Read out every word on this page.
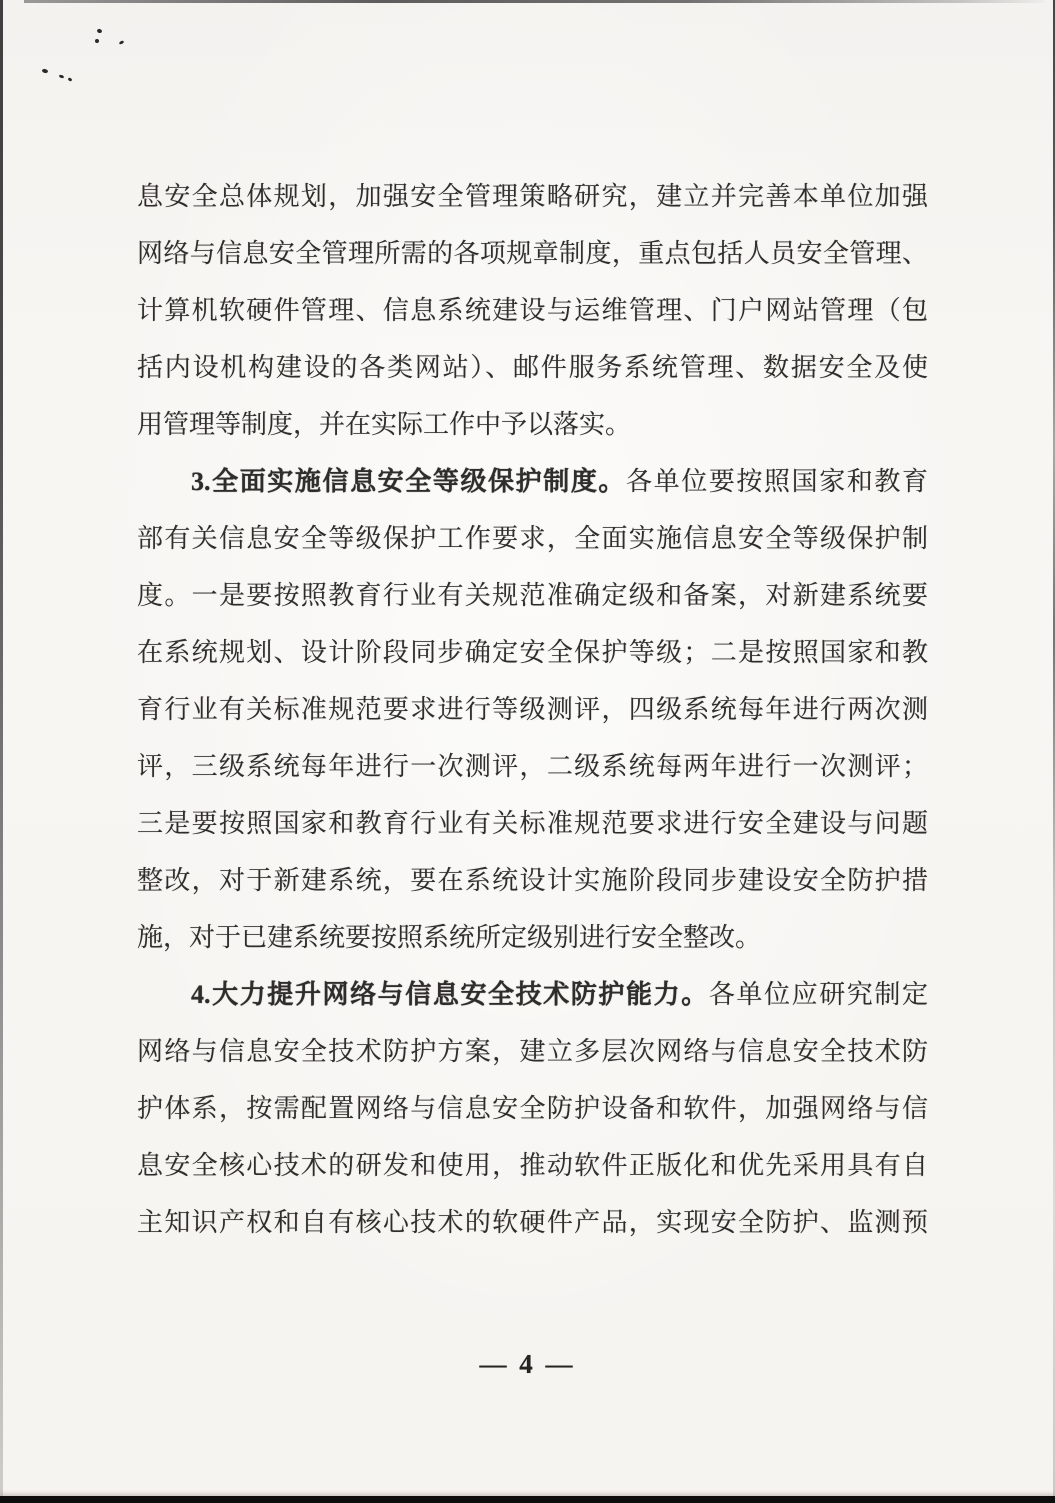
息安全总体规划，加强安全管理策略研究，建立并完善本单位加强
网络与信息安全管理所需的各项规章制度，重点包括人员安全管理、
计算机软硬件管理、信息系统建设与运维管理、门户网站管理（包
括内设机构建设的各类网站）、邮件服务系统管理、数据安全及使
用管理等制度，并在实际工作中予以落实。
3.全面实施信息安全等级保护制度。各单位要按照国家和教育
部有关信息安全等级保护工作要求，全面实施信息安全等级保护制
度。一是要按照教育行业有关规范准确定级和备案，对新建系统要
在系统规划、设计阶段同步确定安全保护等级；二是按照国家和教
育行业有关标准规范要求进行等级测评，四级系统每年进行两次测
评，三级系统每年进行一次测评，二级系统每两年进行一次测评；
三是要按照国家和教育行业有关标准规范要求进行安全建设与问题
整改，对于新建系统，要在系统设计实施阶段同步建设安全防护措
施，对于已建系统要按照系统所定级别进行安全整改。
4.大力提升网络与信息安全技术防护能力。各单位应研究制定
网络与信息安全技术防护方案，建立多层次网络与信息安全技术防
护体系，按需配置网络与信息安全防护设备和软件，加强网络与信
息安全核心技术的研发和使用，推动软件正版化和优先采用具有自
主知识产权和自有核心技术的软硬件产品，实现安全防护、监测预
— 4 —
